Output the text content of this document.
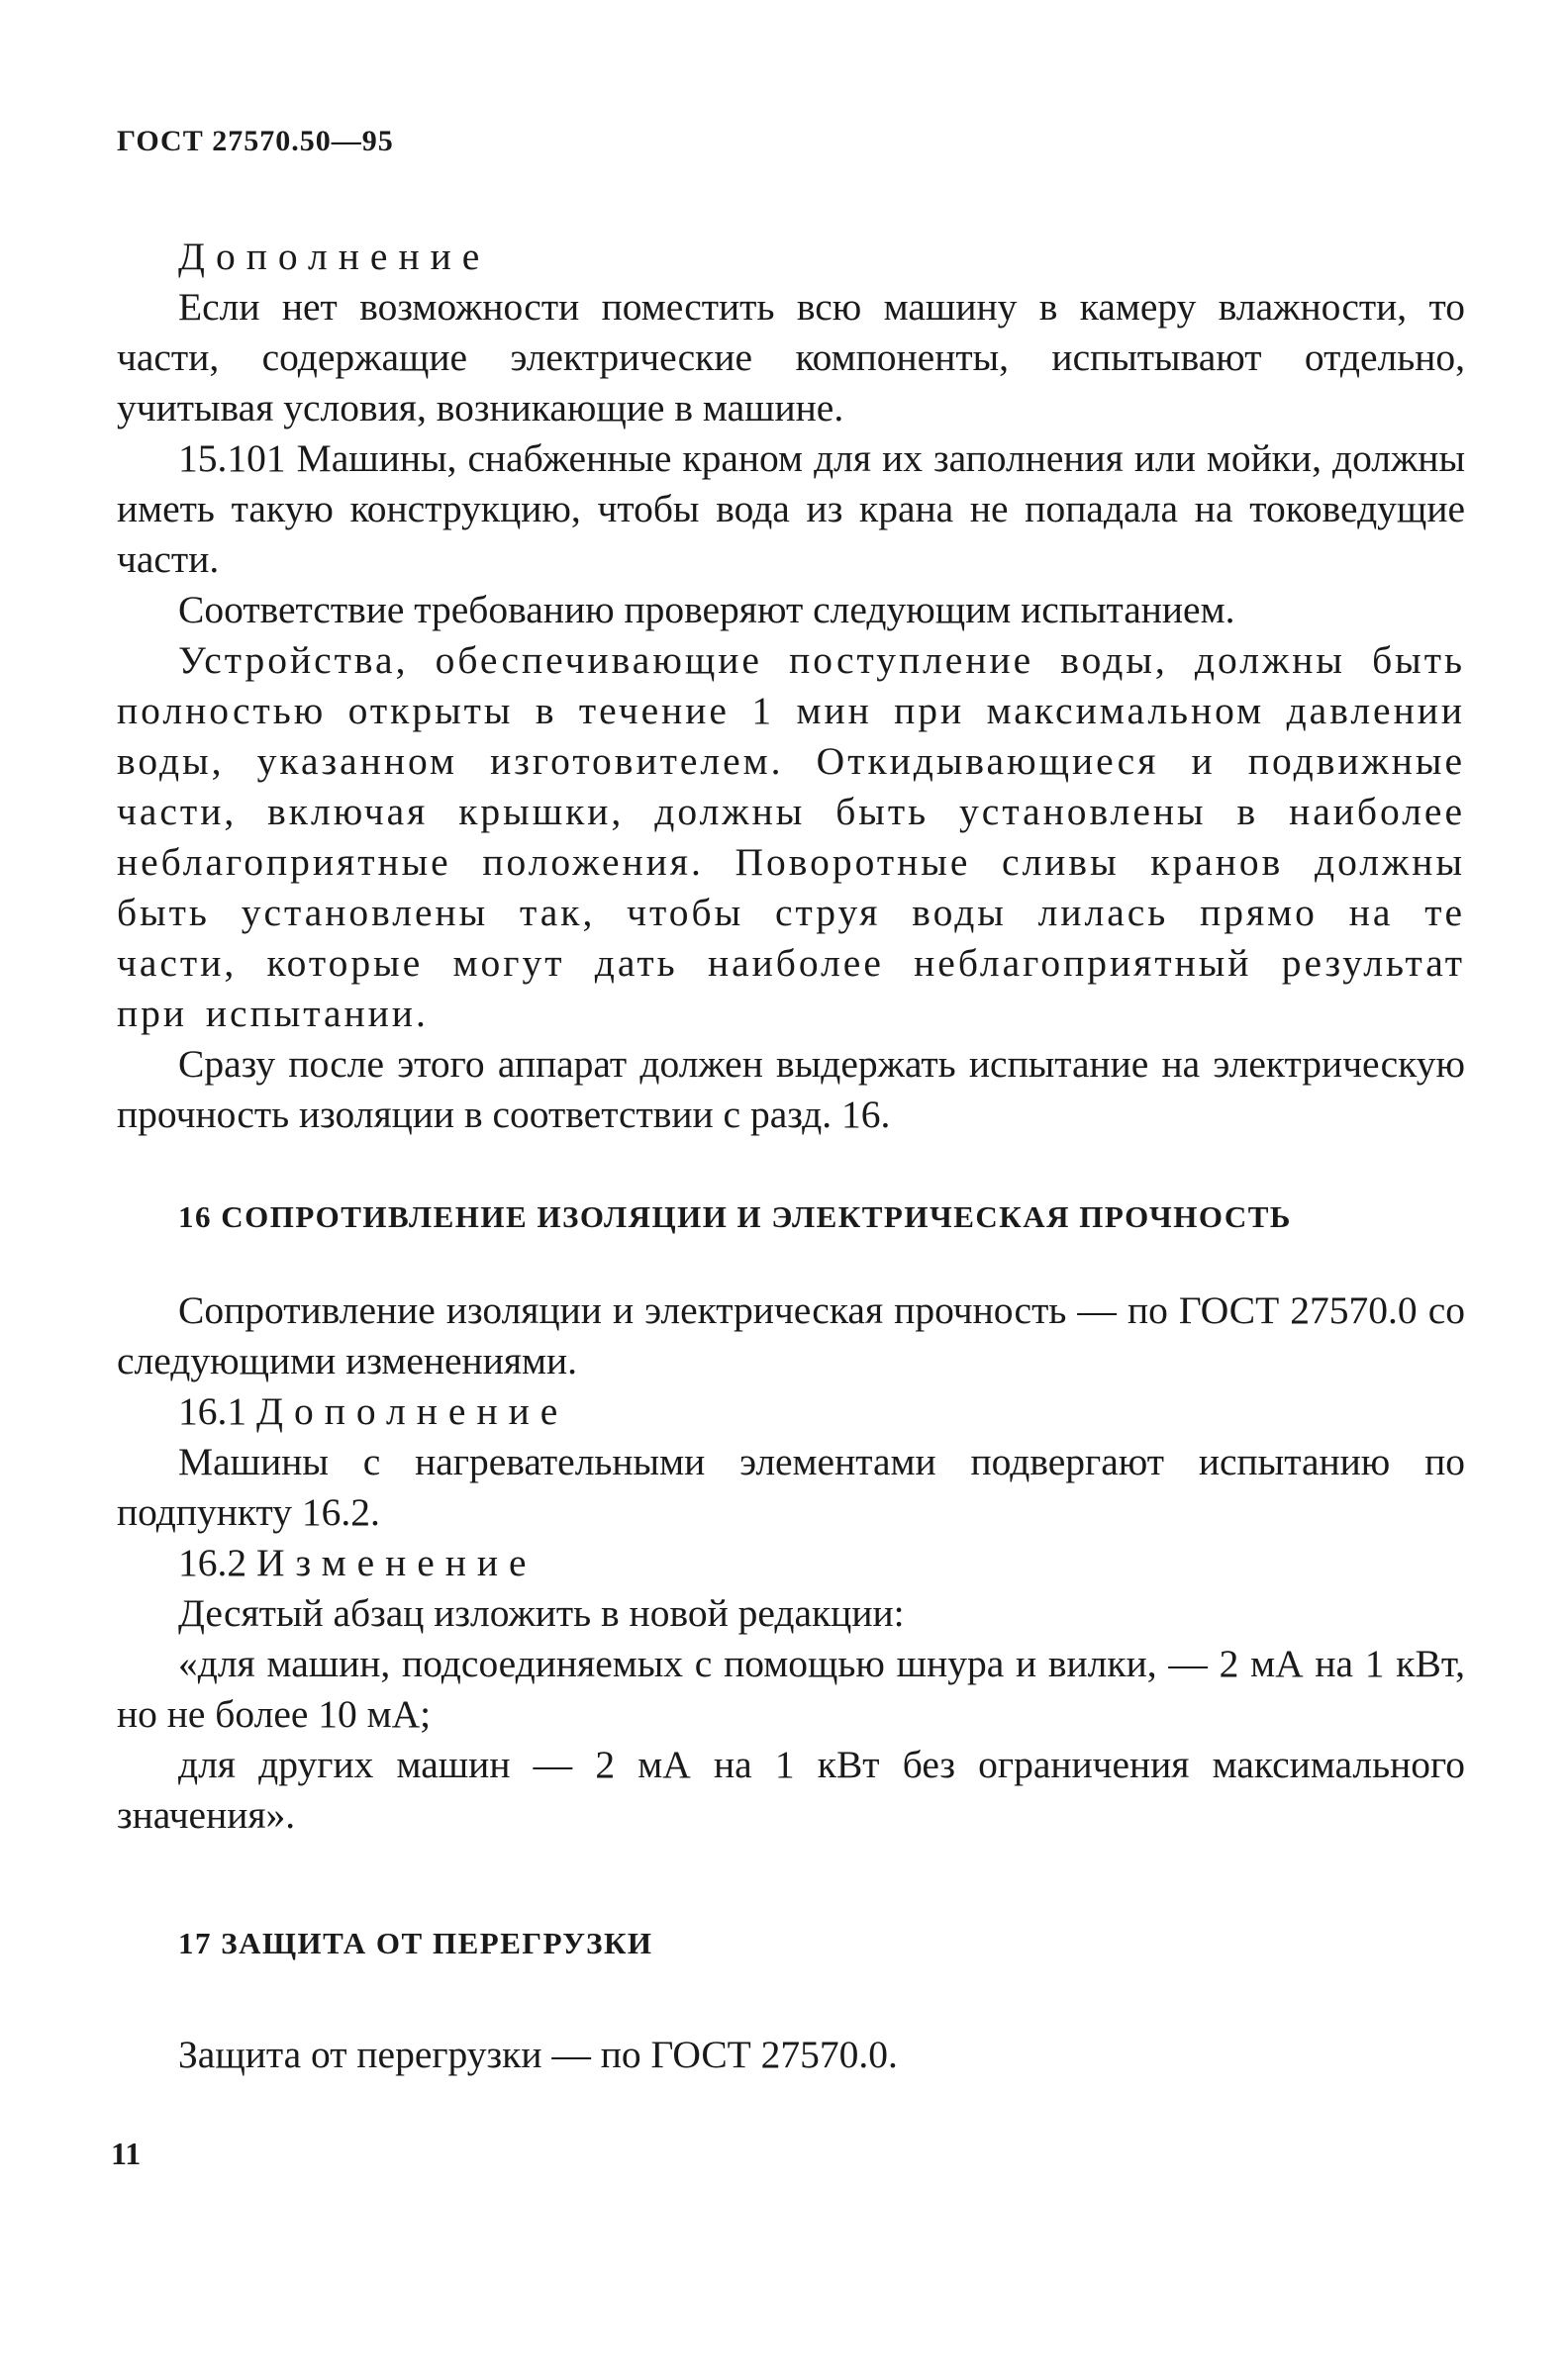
ГОСТ 27570.50—95

Дополнение

Если нет возможности поместить всю машину в камеру влажности, то части, содержащие электрические компоненты, испытывают отдельно, учитывая условия, возникающие в машине.

15.101 Машины, снабженные краном для их заполнения или мойки, должны иметь такую конструкцию, чтобы вода из крана не попадала на токоведущие части.

Соответствие требованию проверяют следующим испытанием.

Устройства, обеспечивающие поступление воды, должны быть полностью открыты в течение 1 мин при максимальном давлении воды, указанном изготовителем. Откидывающиеся и подвижные части, включая крышки, должны быть установлены в наиболее неблагоприятные положения. Поворотные сливы кранов должны быть установлены так, чтобы струя воды лилась прямо на те части, которые могут дать наиболее неблагоприятный результат при испытании.

Сразу после этого аппарат должен выдержать испытание на электрическую прочность изоляции в соответствии с разд. 16.

16 СОПРОТИВЛЕНИЕ ИЗОЛЯЦИИ И ЭЛЕКТРИЧЕСКАЯ ПРОЧНОСТЬ

Сопротивление изоляции и электрическая прочность — по ГОСТ 27570.0 со следующими изменениями.

16.1 Дополнение

Машины с нагревательными элементами подвергают испытанию по подпункту 16.2.

16.2 Изменение

Десятый абзац изложить в новой редакции:

«для машин, подсоединяемых с помощью шнура и вилки, — 2 мА на 1 кВт, но не более 10 мА;

для других машин — 2 мА на 1 кВт без ограничения максимального значения».

17 ЗАЩИТА ОТ ПЕРЕГРУЗКИ

Защита от перегрузки — по ГОСТ 27570.0.

11
